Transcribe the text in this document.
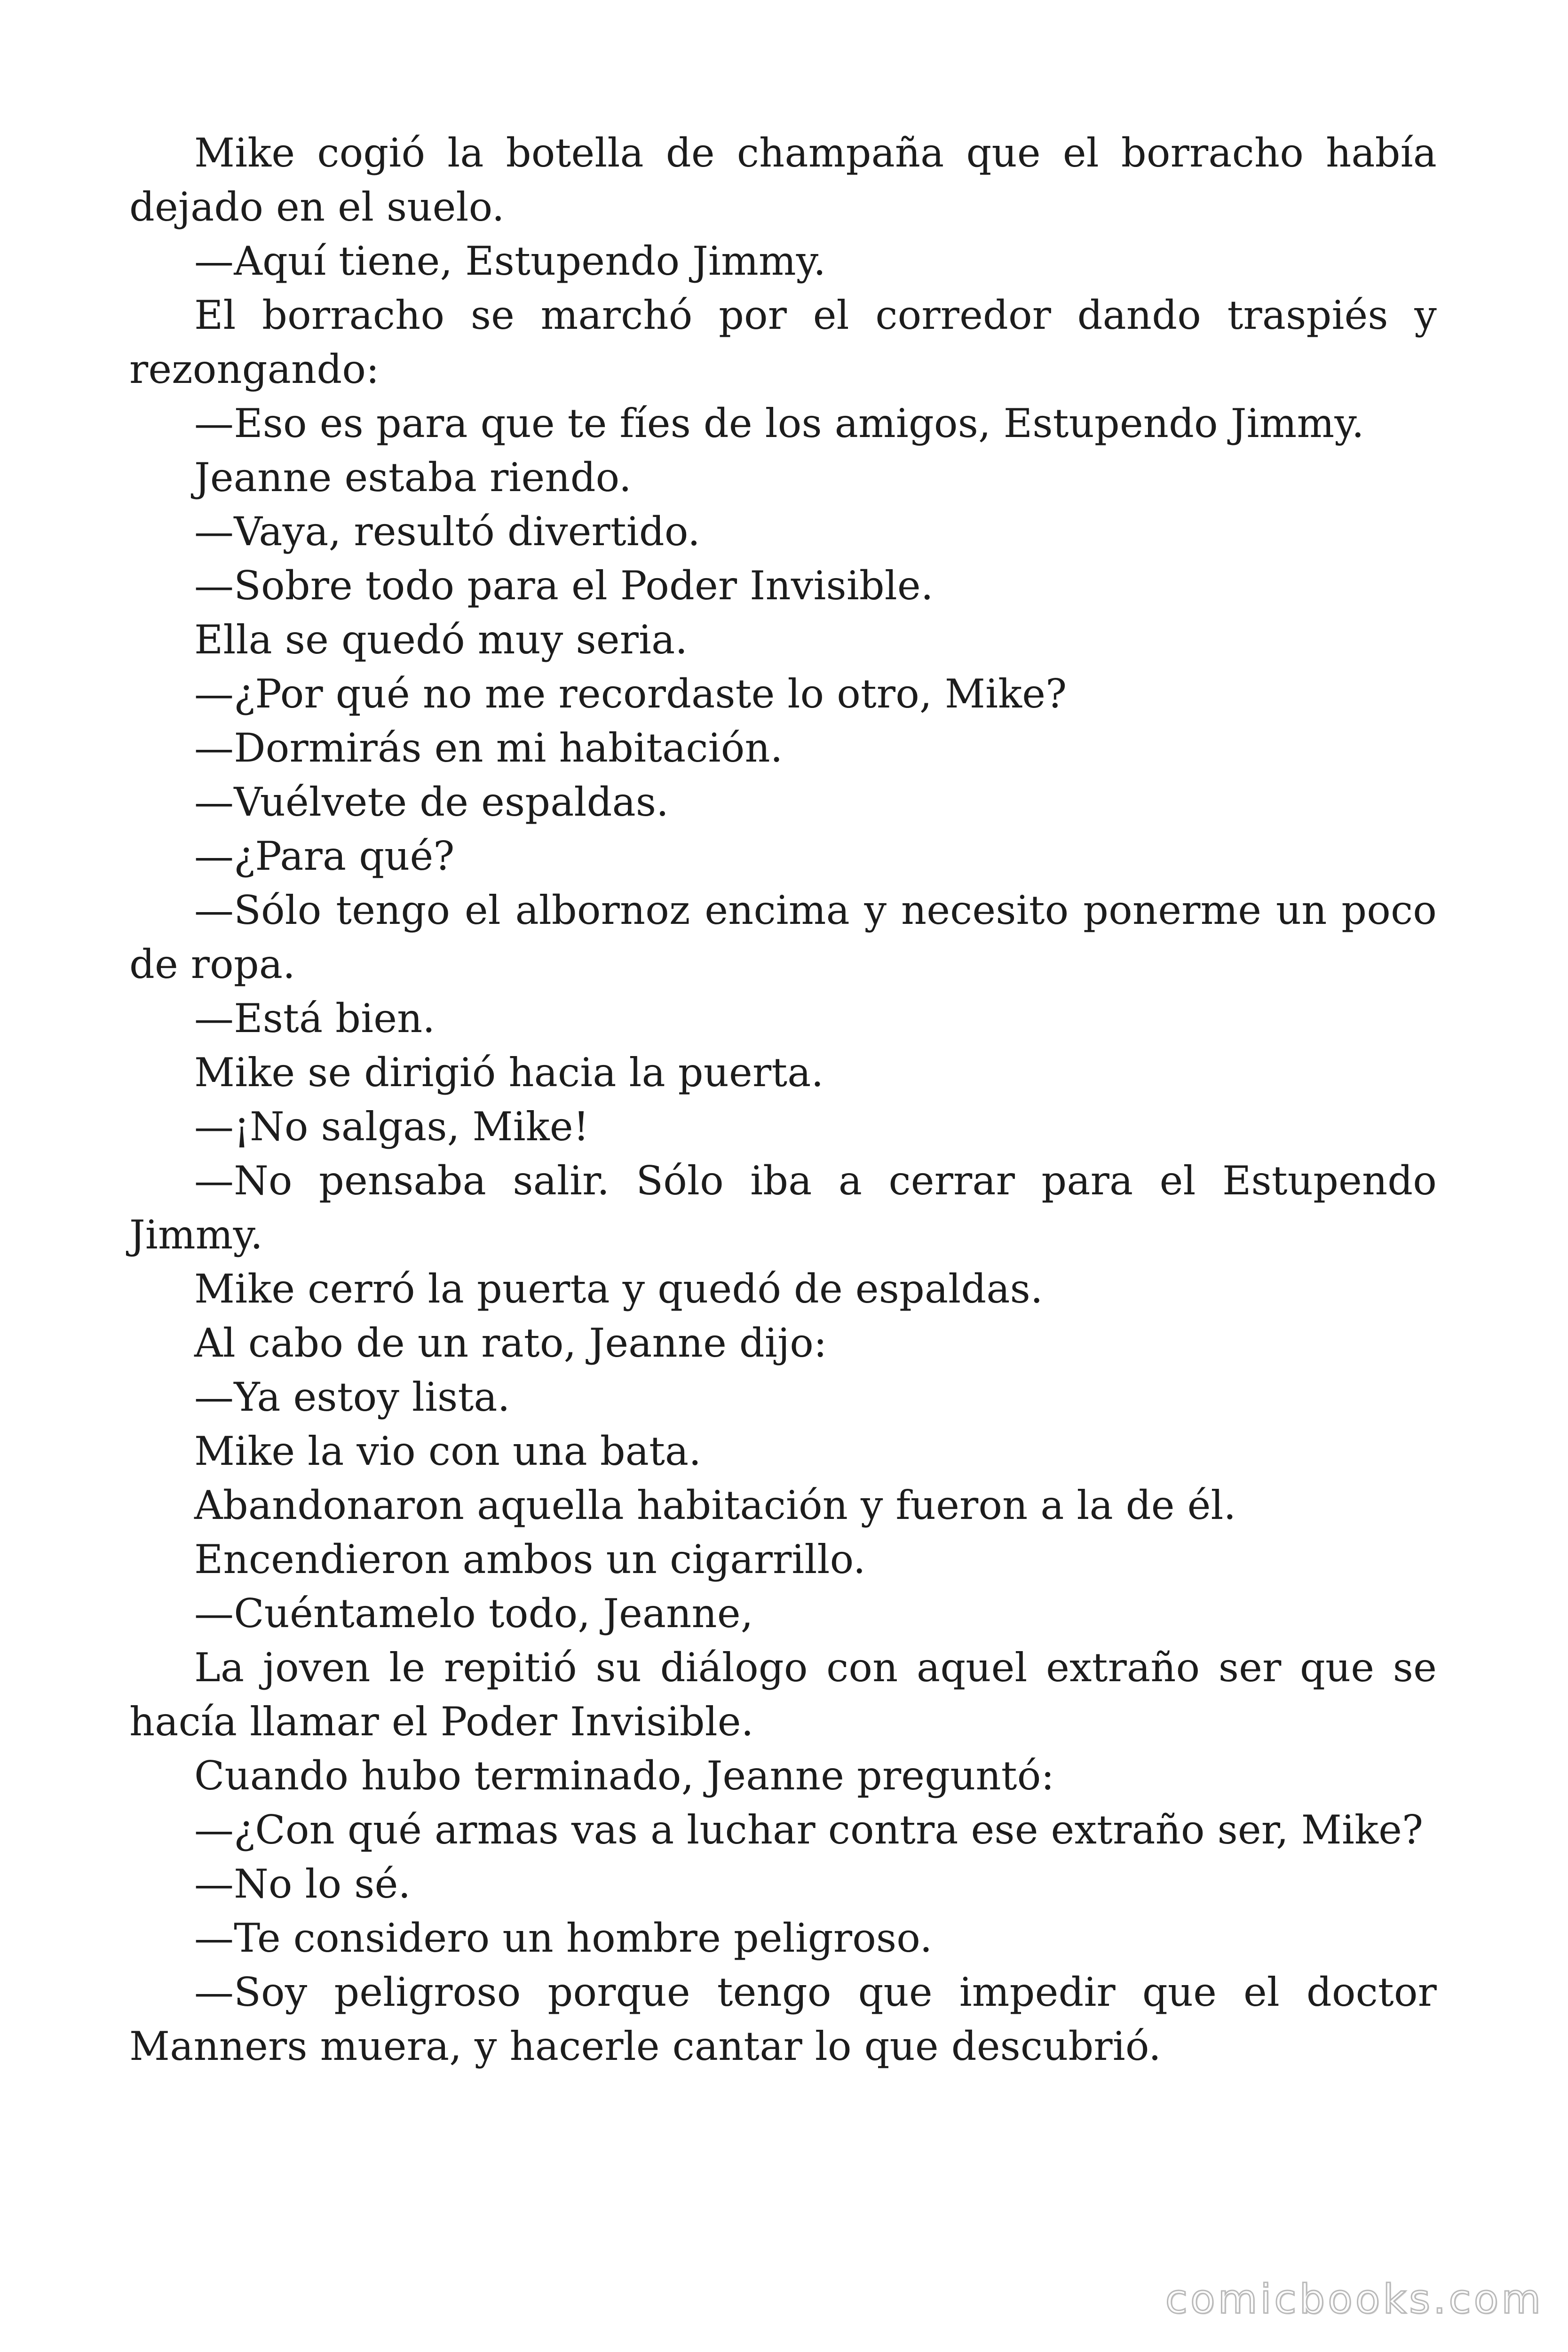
Mike cogió la botella de champaña que el borracho había dejado en el suelo.

—Aquí tiene, Estupendo Jimmy.

El borracho se marchó por el corredor dando traspiés y rezongando:

—Eso es para que te fíes de los amigos, Estupendo Jimmy.

Jeanne estaba riendo.

—Vaya, resultó divertido.

—Sobre todo para el Poder Invisible.

Ella se quedó muy seria.

—¿Por qué no me recordaste lo otro, Mike?

—Dormirás en mi habitación.

—Vuélvete de espaldas.

—¿Para qué?

—Sólo tengo el albornoz encima y necesito ponerme un poco de ropa.

—Está bien.

Mike se dirigió hacia la puerta.

—¡No salgas, Mike!

—No pensaba salir. Sólo iba a cerrar para el Estupendo Jimmy.

Mike cerró la puerta y quedó de espaldas.

Al cabo de un rato, Jeanne dijo:

—Ya estoy lista.

Mike la vio con una bata.

Abandonaron aquella habitación y fueron a la de él.

Encendieron ambos un cigarrillo.

—Cuéntamelo todo, Jeanne,

La joven le repitió su diálogo con aquel extraño ser que se hacía llamar el Poder Invisible.

Cuando hubo terminado, Jeanne preguntó:

—¿Con qué armas vas a luchar contra ese extraño ser, Mike?

—No lo sé.

—Te considero un hombre peligroso.

—Soy peligroso porque tengo que impedir que el doctor Manners muera, y hacerle cantar lo que descubrió.

comicbooks.com
